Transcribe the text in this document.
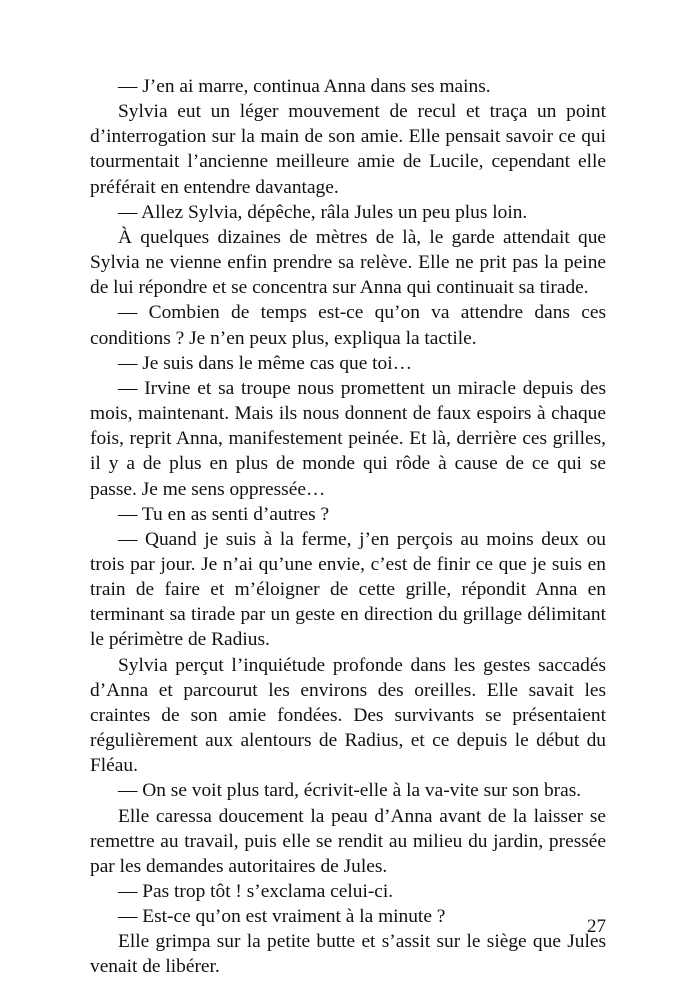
— J’en ai marre, continua Anna dans ses mains.

Sylvia eut un léger mouvement de recul et traça un point d’interrogation sur la main de son amie. Elle pensait savoir ce qui tourmentait l’ancienne meilleure amie de Lucile, cependant elle préférait en entendre davantage.

— Allez Sylvia, dépêche, râla Jules un peu plus loin.

À quelques dizaines de mètres de là, le garde attendait que Sylvia ne vienne enfin prendre sa relève. Elle ne prit pas la peine de lui répondre et se concentra sur Anna qui continuait sa tirade.

— Combien de temps est-ce qu’on va attendre dans ces conditions ? Je n’en peux plus, expliqua la tactile.

— Je suis dans le même cas que toi…

— Irvine et sa troupe nous promettent un miracle depuis des mois, maintenant. Mais ils nous donnent de faux espoirs à chaque fois, reprit Anna, manifestement peinée. Et là, derrière ces grilles, il y a de plus en plus de monde qui rôde à cause de ce qui se passe. Je me sens oppressée…

— Tu en as senti d’autres ?

— Quand je suis à la ferme, j’en perçois au moins deux ou trois par jour. Je n’ai qu’une envie, c’est de finir ce que je suis en train de faire et m’éloigner de cette grille, répondit Anna en terminant sa tirade par un geste en direction du grillage délimitant le périmètre de Radius.

Sylvia perçut l’inquiétude profonde dans les gestes saccadés d’Anna et parcourut les environs des oreilles. Elle savait les craintes de son amie fondées. Des survivants se présentaient régulièrement aux alentours de Radius, et ce depuis le début du Fléau.

— On se voit plus tard, écrivit-elle à la va-vite sur son bras.

Elle caressa doucement la peau d’Anna avant de la laisser se remettre au travail, puis elle se rendit au milieu du jardin, pressée par les demandes autoritaires de Jules.

— Pas trop tôt ! s’exclama celui-ci.

— Est-ce qu’on est vraiment à la minute ?

Elle grimpa sur la petite butte et s’assit sur le siège que Jules venait de libérer.

27
